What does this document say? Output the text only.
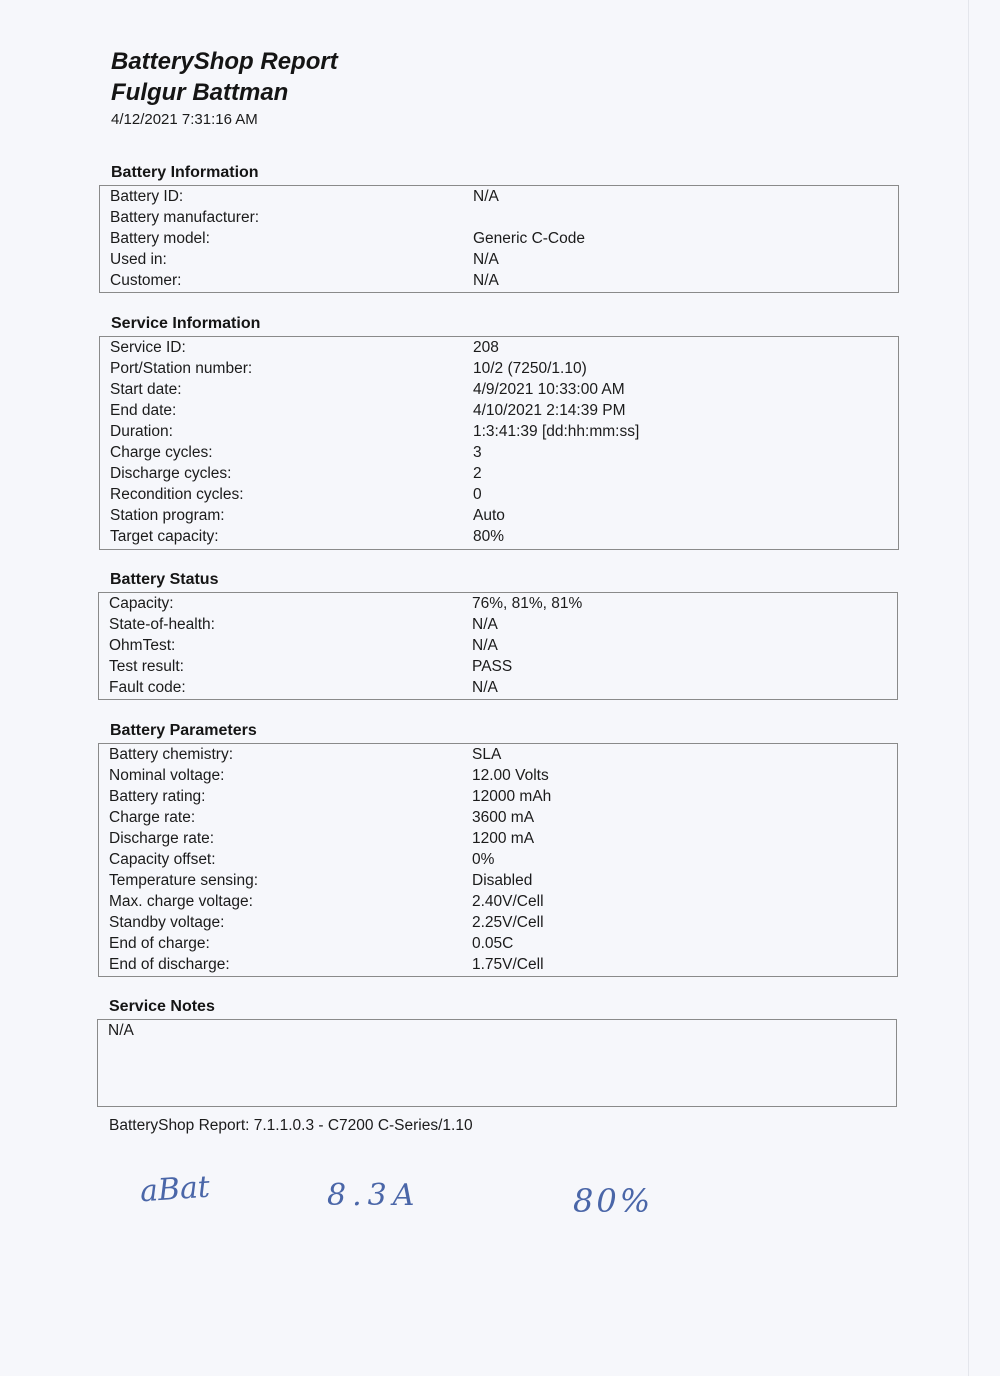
BatteryShop Report
Fulgur Battman
4/12/2021 7:31:16 AM
Battery Information
Battery ID:	N/A
Battery manufacturer:
Battery model:	Generic C-Code
Used in:	N/A
Customer:	N/A
Service Information
Service ID:	208
Port/Station number:	10/2 (7250/1.10)
Start date:	4/9/2021 10:33:00 AM
End date:	4/10/2021 2:14:39 PM
Duration:	1:3:41:39 [dd:hh:mm:ss]
Charge cycles:	3
Discharge cycles:	2
Recondition cycles:	0
Station program:	Auto
Target capacity:	80%
Battery Status
Capacity:	76%, 81%, 81%
State-of-health:	N/A
OhmTest:	N/A
Test result:	PASS
Fault code:	N/A
Battery Parameters
Battery chemistry:	SLA
Nominal voltage:	12.00 Volts
Battery rating:	12000 mAh
Charge rate:	3600 mA
Discharge rate:	1200 mA
Capacity offset:	0%
Temperature sensing:	Disabled
Max. charge voltage:	2.40V/Cell
Standby voltage:	2.25V/Cell
End of charge:	0.05C
End of discharge:	1.75V/Cell
Service Notes
N/A
BatteryShop Report: 7.1.1.0.3 - C7200 C-Series/1.10
aBat	8.3A	80%
